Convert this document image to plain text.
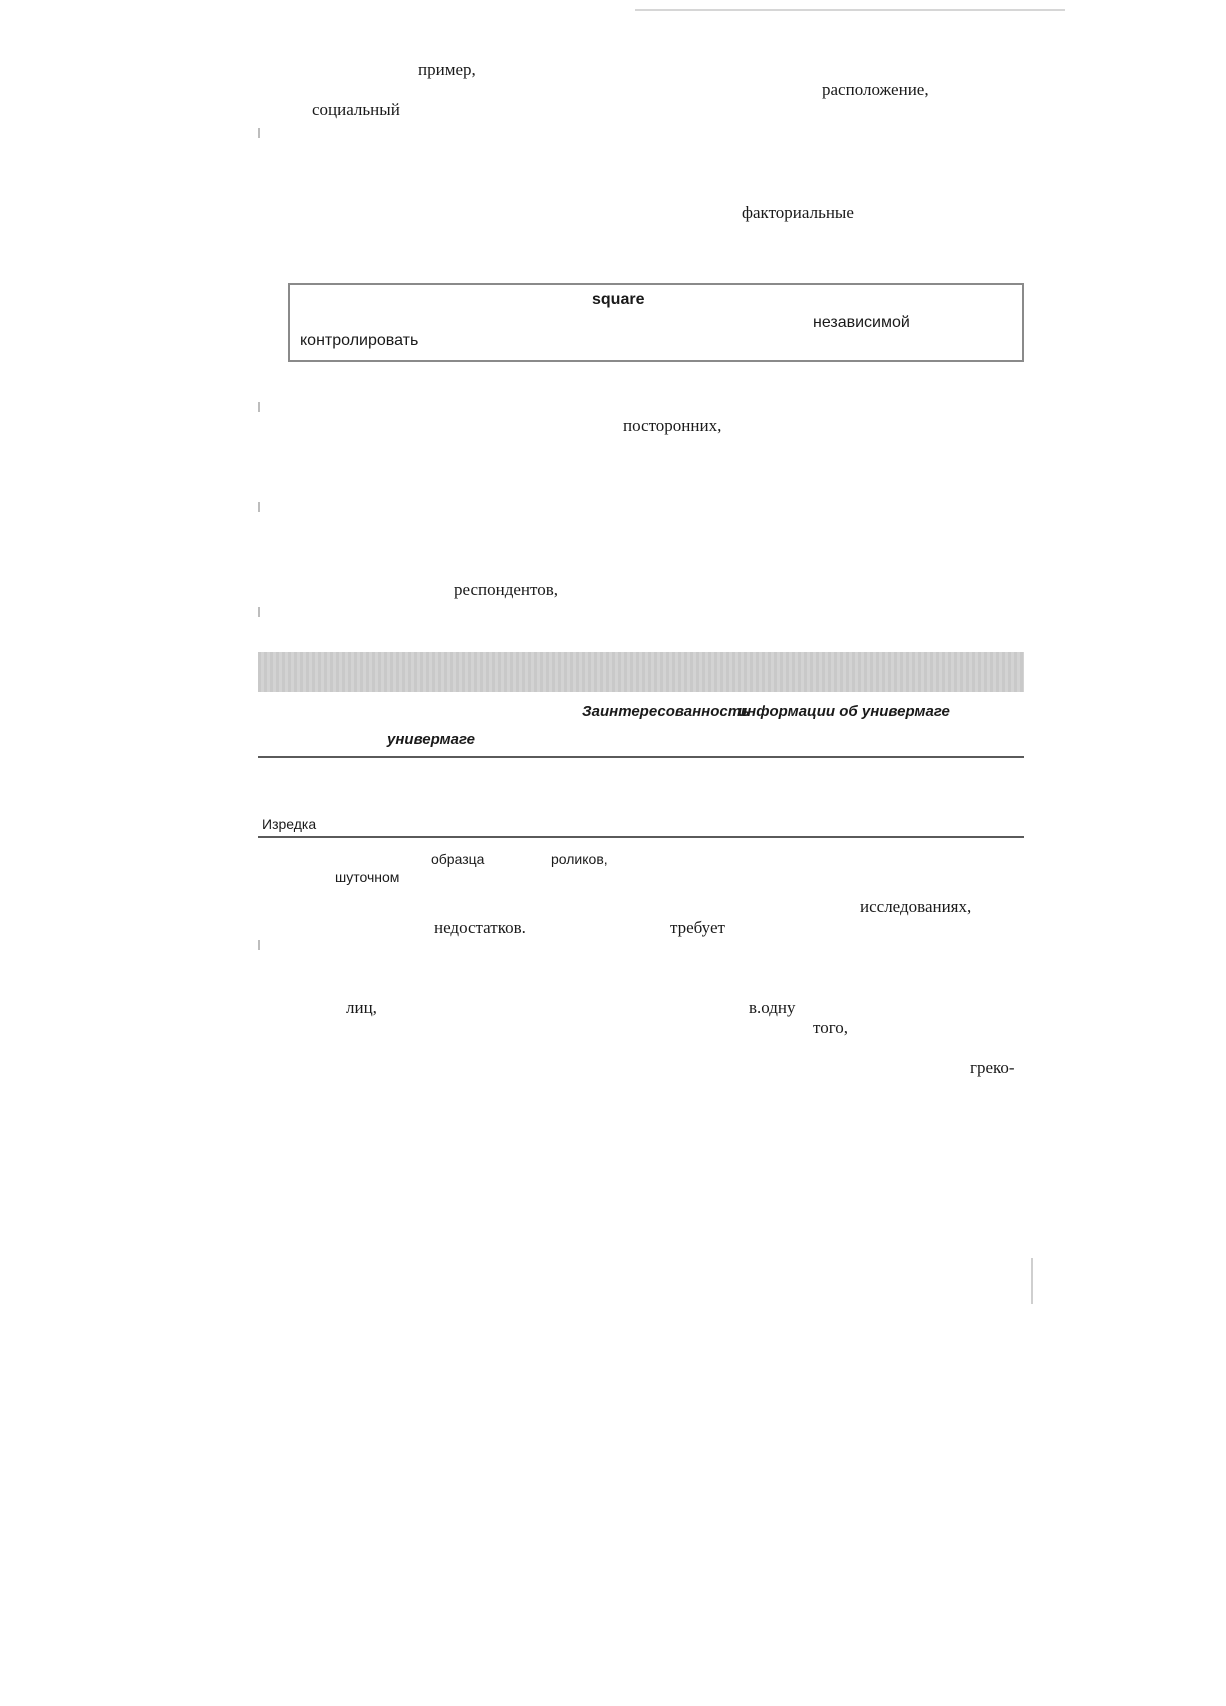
пример,
расположение,
социальный
факториальные
square
независимой
контролировать
посторонних,
респондентов,
Заинтересованность
информации об универмаге
универмаге
Изредка
образца	роликов,
шуточном
исследованиях,
недостатков.	требует
лиц,	в.одну
того,
греко-
